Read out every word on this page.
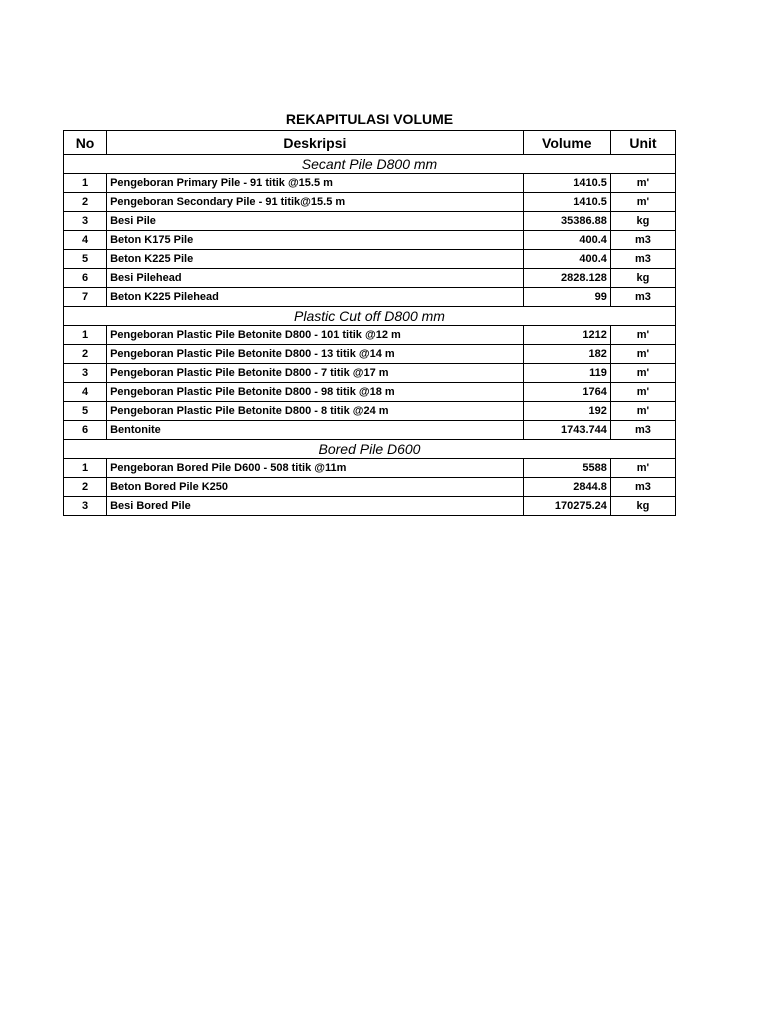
REKAPITULASI VOLUME
No	Deskripsi	Volume	Unit
Secant Pile D800 mm			
1	Pengeboran Primary Pile - 91 titik @15.5 m	1410.5	m'
2	Pengeboran Secondary Pile - 91 titik@15.5 m	1410.5	m'
3	Besi Pile	35386.88	kg
4	Beton K175 Pile	400.4	m3
5	Beton K225 Pile	400.4	m3
6	Besi Pilehead	2828.128	kg
7	Beton K225 Pilehead	99	m3
Plastic Cut off D800 mm			
1	Pengeboran Plastic Pile Betonite D800 - 101 titik @12 m	1212	m'
2	Pengeboran Plastic Pile Betonite D800 - 13 titik @14 m	182	m'
3	Pengeboran Plastic Pile Betonite D800 - 7 titik @17 m	119	m'
4	Pengeboran Plastic Pile Betonite D800 - 98 titik @18 m	1764	m'
5	Pengeboran Plastic Pile Betonite D800 - 8 titik @24 m	192	m'
6	Bentonite	1743.744	m3
Bored Pile D600			
1	Pengeboran Bored Pile D600 - 508 titik @11m	5588	m'
2	Beton Bored Pile K250	2844.8	m3
3	Besi Bored Pile	170275.24	kg
